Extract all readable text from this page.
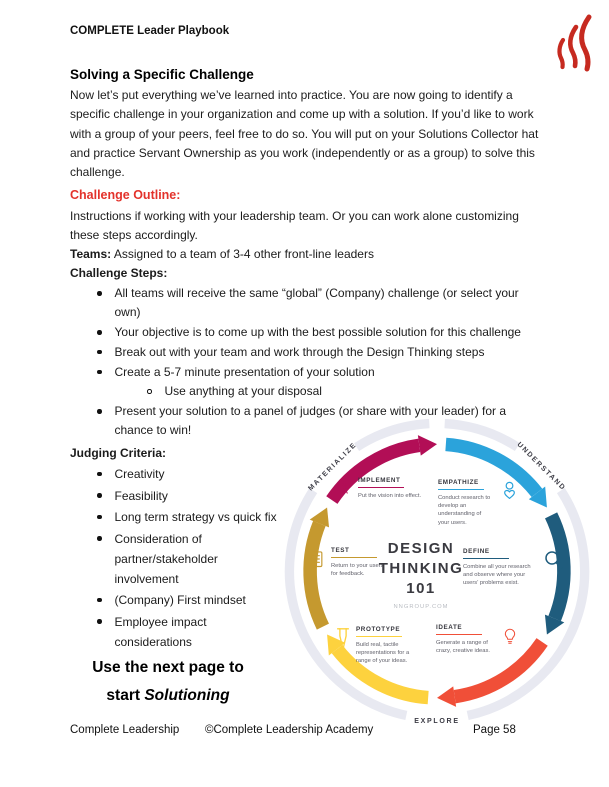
COMPLETE Leader Playbook
Solving a Specific Challenge

Now let’s put everything we’ve learned into practice. You are now going to identify a specific challenge in your organization and come up with a solution. If you’d like to work with a group of your peers, feel free to do so. You will put on your Solutions Collector hat and practice Servant Ownership as you work (independently or as a group) to solve this challenge.

Challenge Outline:

Instructions if working with your leadership team. Or you can work alone customizing these steps accordingly.

Teams: Assigned to a team of 3-4 other front-line leaders

Challenge Steps:

All teams will receive the same “global” (Company) challenge (or select your own)
Your objective is to come up with the best possible solution for this challenge
Break out with your team and work through the Design Thinking steps
Create a 5-7 minute presentation of your solution
Use anything at your disposal
Present your solution to a panel of judges (or share with your leader) for a chance to win!

Judging Criteria:

Creativity
Feasibility
Long term strategy vs quick fix
Consideration of partner/stakeholder involvement
(Company) First mindset
Employee impact considerations
Use the next page to
start Solutioning
UNDERSTAND
EXPLORE
MATERIALIZE IMPLEMENT
Put the vision into effect.
EMPATHIZE
Conduct research to develop an understanding of your users.
TEST
Return to your users for feedback.
DEFINE
Combine all your research and observe where your users’ problems exist.
PROTOTYPE
Build real, tactile representations for a range of your ideas.
IDEATE
Generate a range of crazy, creative ideas.
DESIGN
THINKING
101
NNGROUP.COM
Complete Leadership ©Complete Leadership Academy	Page 58
